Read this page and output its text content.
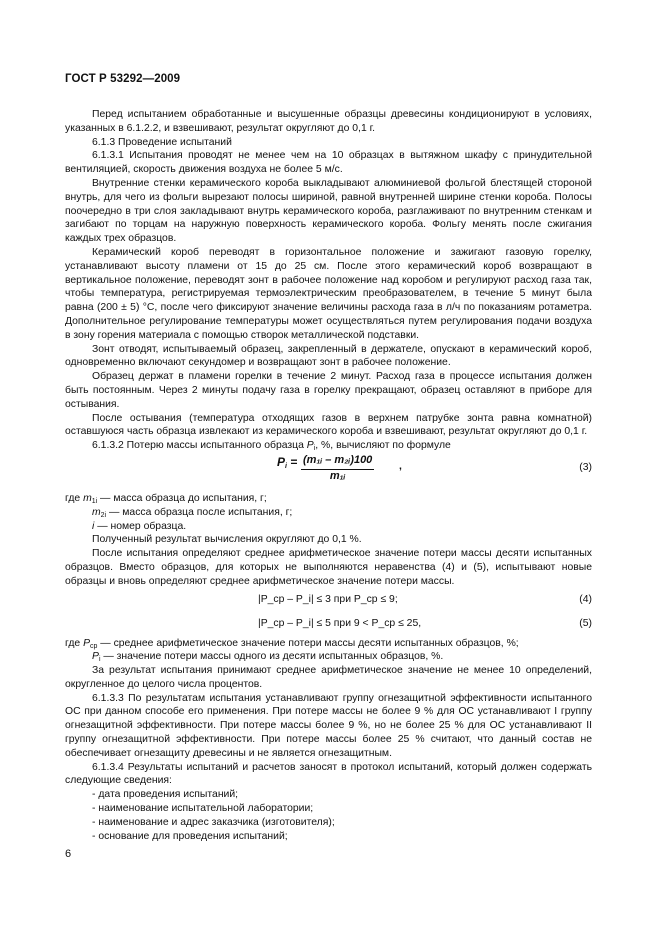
ГОСТ Р 53292—2009

Перед испытанием обработанные и высушенные образцы древесины кондиционируют в условиях, указанных в 6.1.2.2, и взвешивают, результат округляют до 0,1 г.

6.1.3 Проведение испытаний

6.1.3.1 Испытания проводят не менее чем на 10 образцах в вытяжном шкафу с принудительной вентиляцией, скорость движения воздуха не более 5 м/с.

Внутренние стенки керамического короба выкладывают алюминиевой фольгой блестящей стороной внутрь, для чего из фольги вырезают полосы шириной, равной внутренней ширине стенки короба. Полосы поочередно в три слоя закладывают внутрь керамического короба, разглаживают по внутренним стенкам и загибают по торцам на наружную поверхность керамического короба. Фольгу менять после сжигания каждых трех образцов.

Керамический короб переводят в горизонтальное положение и зажигают газовую горелку, устанавливают высоту пламени от 15 до 25 см. После этого керамический короб возвращают в вертикальное положение, переводят зонт в рабочее положение над коробом и регулируют расход газа так, чтобы температура, регистрируемая термоэлектрическим преобразователем, в течение 5 минут была равна (200 ± 5) °С, после чего фиксируют значение величины расхода газа в л/ч по показаниям ротаметра. Дополнительное регулирование температуры может осуществляться путем регулирования подачи воздуха в зону горения материала с помощью створок металлической подставки.

Зонт отводят, испытываемый образец, закрепленный в держателе, опускают в керамический короб, одновременно включают секундомер и возвращают зонт в рабочее положение.

Образец держат в пламени горелки в течение 2 минут. Расход газа в процессе испытания должен быть постоянным. Через 2 минуты подачу газа в горелку прекращают, образец оставляют в приборе для остывания.

После остывания (температура отходящих газов в верхнем патрубке зонта равна комнатной) оставшуюся часть образца извлекают из керамического короба и взвешивают, результат округляют до 0,1 г.

6.1.3.2 Потерю массы испытанного образца $P_i$, %, вычисляют по формуле

$P_i = \frac{\text{(m₁ᵢ – m₂ᵢ)100}}{\text{m₁ᵢ}}$ ,	(3)

где $m_{1i}$ — масса образца до испытания, г;

$m_{2i}$ — масса образца после испытания, г;

i — номер образца.

Полученный результат вычисления округляют до 0,1 %.

После испытания определяют среднее арифметическое значение потери массы десяти испытанных образцов. Вместо образцов, для которых не выполняются неравенства (4) и (5), испытывают новые образцы и вновь определяют среднее арифметическое значение потери массы.

|P_ср – P_i| ≤ 3 при P_ср ≤ 9;	(4)
|P_ср – P_i| ≤ 5 при 9 < P_ср ≤ 25,	(5)

где $P_{ср}$ — среднее арифметическое значение потери массы десяти испытанных образцов, %;

$P_i$ — значение потери массы одного из десяти испытанных образцов, %.

За результат испытания принимают среднее арифметическое значение не менее 10 определений, округленное до целого числа процентов.

6.1.3.3 По результатам испытания устанавливают группу огнезащитной эффективности испытанного ОС при данном способе его применения. При потере массы не более 9 % для ОС устанавливают I группу огнезащитной эффективности. При потере массы более 9 %, но не более 25 % для ОС устанавливают II группу огнезащитной эффективности. При потере массы более 25 % считают, что данный состав не обеспечивает огнезащиту древесины и не является огнезащитным.

6.1.3.4 Результаты испытаний и расчетов заносят в протокол испытаний, который должен содержать следующие сведения:

- дата проведения испытаний;

- наименование испытательной лаборатории;

- наименование и адрес заказчика (изготовителя);

- основание для проведения испытаний;

6
